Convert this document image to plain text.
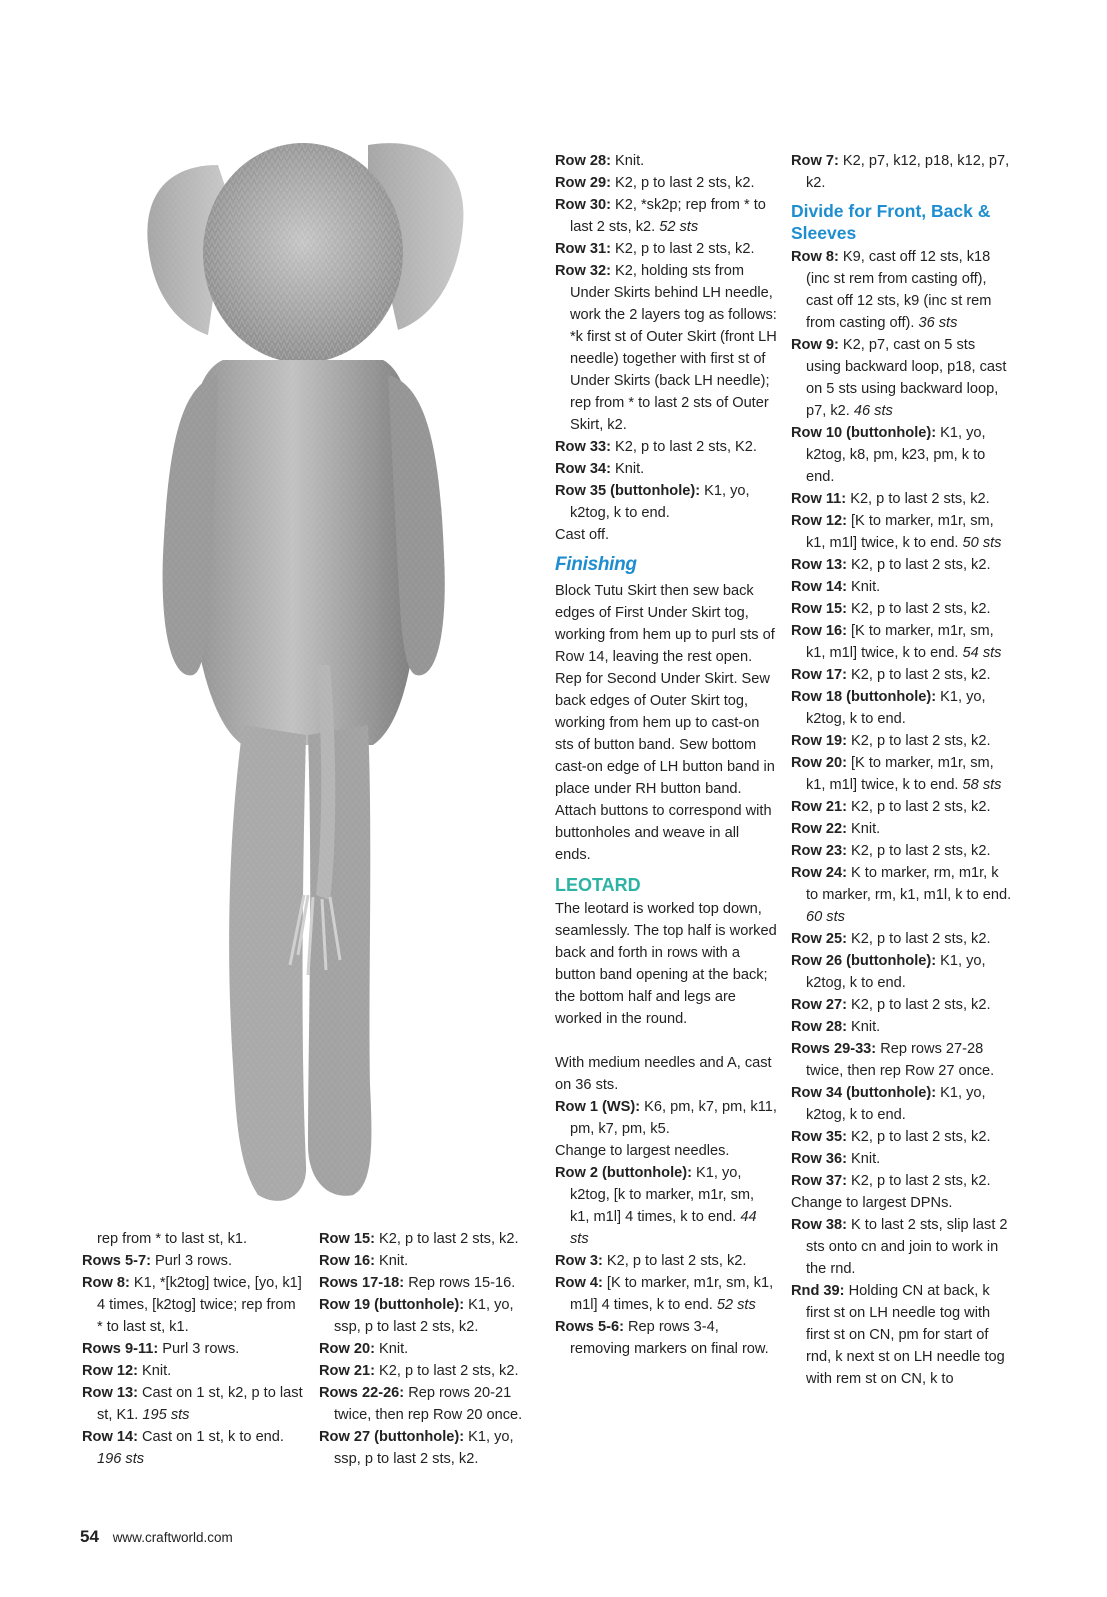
rep from * to last st, k1.

Rows 5-7: Purl 3 rows.

Row 8: K1, *[k2tog] twice, [yo, k1] 4 times, [k2tog] twice; rep from * to last st, k1.

Rows 9-11: Purl 3 rows.

Row 12: Knit.

Row 13: Cast on 1 st, k2, p to last st, K1. 195 sts

Row 14: Cast on 1 st, k to end. 196 sts

Row 15: K2, p to last 2 sts, k2.

Row 16: Knit.

Rows 17-18: Rep rows 15-16.

Row 19 (buttonhole): K1, yo, ssp, p to last 2 sts, k2.

Row 20: Knit.

Row 21: K2, p to last 2 sts, k2.

Rows 22-26: Rep rows 20-21 twice, then rep Row 20 once.

Row 27 (buttonhole): K1, yo, ssp, p to last 2 sts, k2.

Row 28: Knit.

Row 29: K2, p to last 2 sts, k2.

Row 30: K2, *sk2p; rep from * to last 2 sts, k2. 52 sts

Row 31: K2, p to last 2 sts, k2.

Row 32: K2, holding sts from Under Skirts behind LH needle, work the 2 layers tog as follows: *k first st of Outer Skirt (front LH needle) together with first st of Under Skirts (back LH needle); rep from * to last 2 sts of Outer Skirt, k2.

Row 33: K2, p to last 2 sts, K2.

Row 34: Knit.

Row 35 (buttonhole): K1, yo, k2tog, k to end.

Cast off.

Finishing

Block Tutu Skirt then sew back edges of First Under Skirt tog, working from hem up to purl sts of Row 14, leaving the rest open. Rep for Second Under Skirt. Sew back edges of Outer Skirt tog, working from hem up to cast-on sts of button band. Sew bottom cast-on edge of LH button band in place under RH button band. Attach buttons to correspond with buttonholes and weave in all ends.

LEOTARD

The leotard is worked top down, seamlessly. The top half is worked back and forth in rows with a button band opening at the back; the bottom half and legs are worked in the round.

With medium needles and A, cast on 36 sts.

Row 1 (WS): K6, pm, k7, pm, k11, pm, k7, pm, k5.

Change to largest needles.

Row 2 (buttonhole): K1, yo, k2tog, [k to marker, m1r, sm, k1, m1l] 4 times, k to end. 44 sts

Row 3: K2, p to last 2 sts, k2.

Row 4: [K to marker, m1r, sm, k1, m1l] 4 times, k to end. 52 sts

Rows 5-6: Rep rows 3-4, removing markers on final row.

Row 7: K2, p7, k12, p18, k12, p7, k2.

Divide for Front, Back & Sleeves

Row 8: K9, cast off 12 sts, k18 (inc st rem from casting off), cast off 12 sts, k9 (inc st rem from casting off). 36 sts

Row 9: K2, p7, cast on 5 sts using backward loop, p18, cast on 5 sts using backward loop, p7, k2. 46 sts

Row 10 (buttonhole): K1, yo, k2tog, k8, pm, k23, pm, k to end.

Row 11: K2, p to last 2 sts, k2.

Row 12: [K to marker, m1r, sm, k1, m1l] twice, k to end. 50 sts

Row 13: K2, p to last 2 sts, k2.

Row 14: Knit.

Row 15: K2, p to last 2 sts, k2.

Row 16: [K to marker, m1r, sm, k1, m1l] twice, k to end. 54 sts

Row 17: K2, p to last 2 sts, k2.

Row 18 (buttonhole): K1, yo, k2tog, k to end.

Row 19: K2, p to last 2 sts, k2.

Row 20: [K to marker, m1r, sm, k1, m1l] twice, k to end. 58 sts

Row 21: K2, p to last 2 sts, k2.

Row 22: Knit.

Row 23: K2, p to last 2 sts, k2.

Row 24: K to marker, rm, m1r, k to marker, rm, k1, m1l, k to end. 60 sts

Row 25: K2, p to last 2 sts, k2.

Row 26 (buttonhole): K1, yo, k2tog, k to end.

Row 27: K2, p to last 2 sts, k2.

Row 28: Knit.

Rows 29-33: Rep rows 27-28 twice, then rep Row 27 once.

Row 34 (buttonhole): K1, yo, k2tog, k to end.

Row 35: K2, p to last 2 sts, k2.

Row 36: Knit.

Row 37: K2, p to last 2 sts, k2.

Change to largest DPNs.

Row 38: K to last 2 sts, slip last 2 sts onto cn and join to work in the rnd.

Rnd 39: Holding CN at back, k first st on LH needle tog with first st on CN, pm for start of rnd, k next st on LH needle tog with rem st on CN, k to

54 www.craftworld.com
